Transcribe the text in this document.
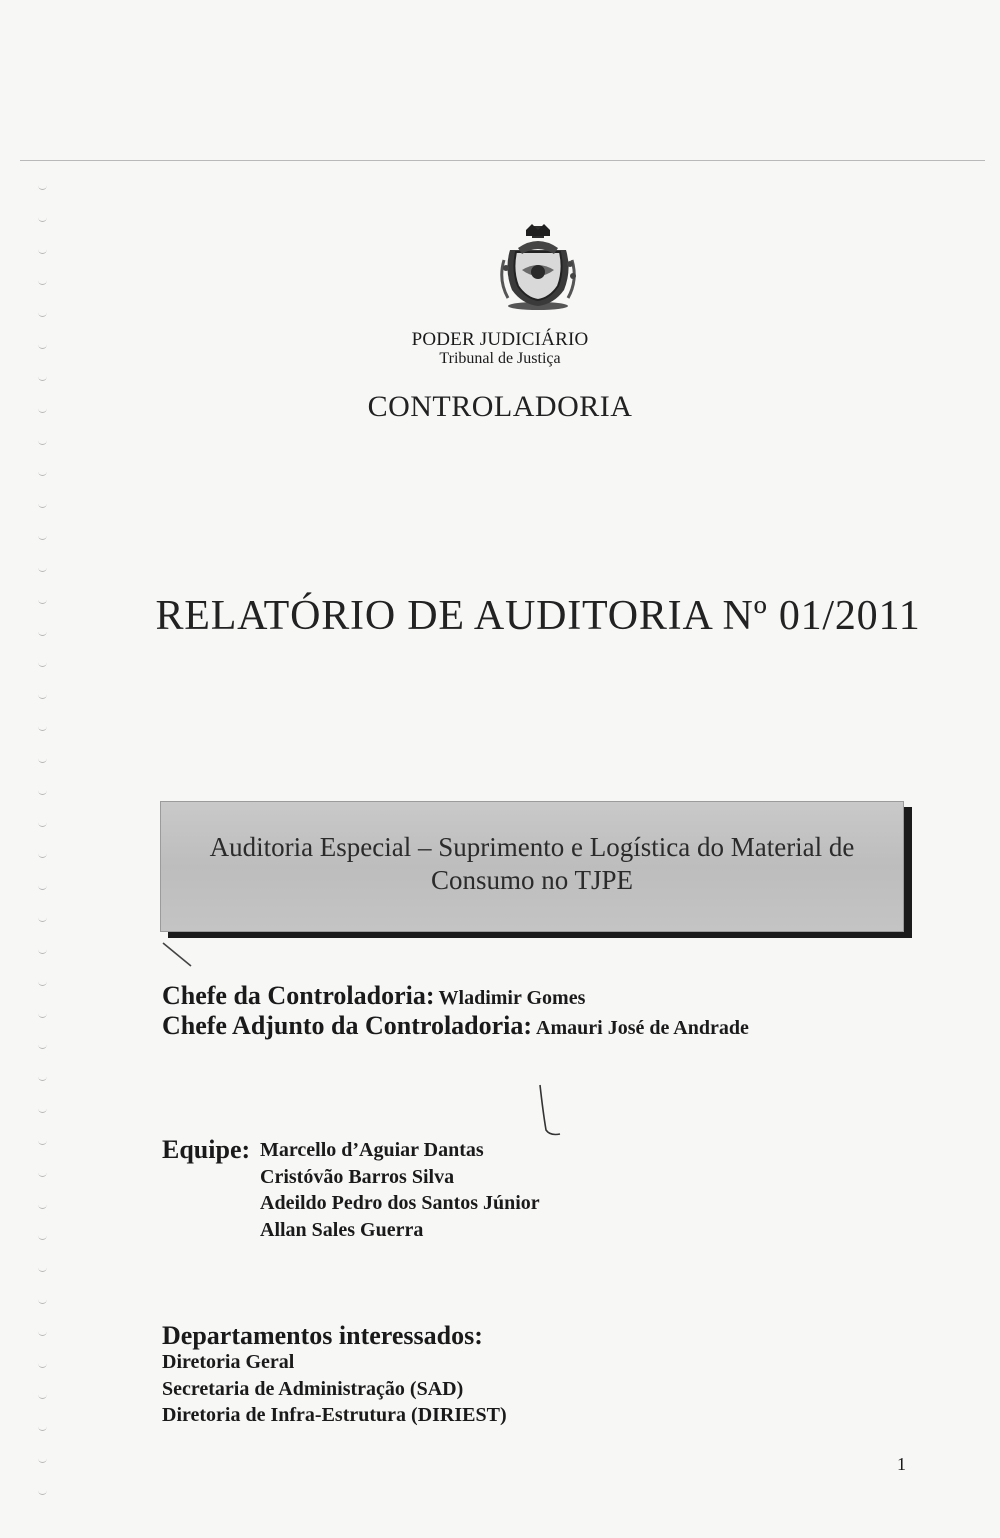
PODER JUDICIÁRIO
Tribunal de Justiça
CONTROLADORIA
RELATÓRIO DE AUDITORIA Nº 01/2011
Auditoria Especial – Suprimento e Logística do Material de Consumo no TJPE
Chefe da Controladoria: Wladimir Gomes
Chefe Adjunto da Controladoria: Amauri José de Andrade
Equipe: Marcello d’Aguiar Dantas
Cristóvão Barros Silva
Adeildo Pedro dos Santos Júnior
Allan Sales Guerra
Departamentos interessados:
Diretoria Geral
Secretaria de Administração (SAD)
Diretoria de Infra-Estrutura (DIRIEST)
1
